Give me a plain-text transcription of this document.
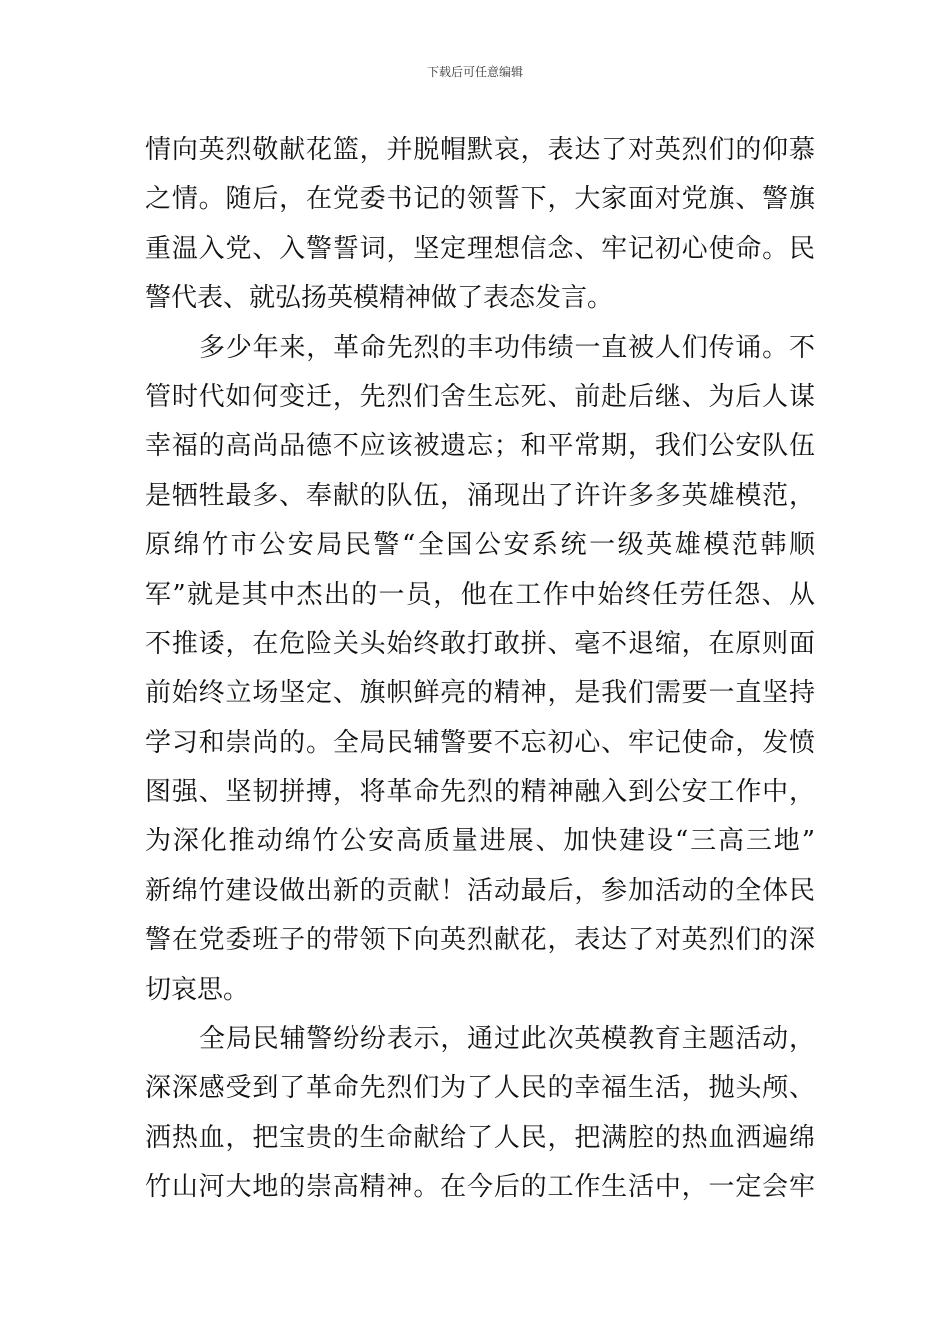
下载后可任意编辑
情向英烈敬献花篮，并脱帽默哀，表达了对英烈们的仰慕
之情。随后，在党委书记的领誓下，大家面对党旗、警旗
重温入党、入警誓词，坚定理想信念、牢记初心使命。民
警代表、就弘扬英模精神做了表态发言。
多少年来，革命先烈的丰功伟绩一直被人们传诵。不
管时代如何变迁，先烈们舍生忘死、前赴后继、为后人谋
幸福的高尚品德不应该被遗忘；和平常期，我们公安队伍
是牺牲最多、奉献的队伍，涌现出了许许多多英雄模范，
原绵竹市公安局民警“全国公安系统一级英雄模范韩顺
军”就是其中杰出的一员，他在工作中始终任劳任怨、从
不推诿，在危险关头始终敢打敢拼、毫不退缩，在原则面
前始终立场坚定、旗帜鲜亮的精神，是我们需要一直坚持
学习和崇尚的。全局民辅警要不忘初心、牢记使命，发愤
图强、坚韧拼搏，将革命先烈的精神融入到公安工作中，
为深化推动绵竹公安高质量进展、加快建设“三高三地”
新绵竹建设做出新的贡献！活动最后，参加活动的全体民
警在党委班子的带领下向英烈献花，表达了对英烈们的深
切哀思。
全局民辅警纷纷表示，通过此次英模教育主题活动，
深深感受到了革命先烈们为了人民的幸福生活，抛头颅、
洒热血，把宝贵的生命献给了人民，把满腔的热血洒遍绵
竹山河大地的崇高精神。在今后的工作生活中，一定会牢
